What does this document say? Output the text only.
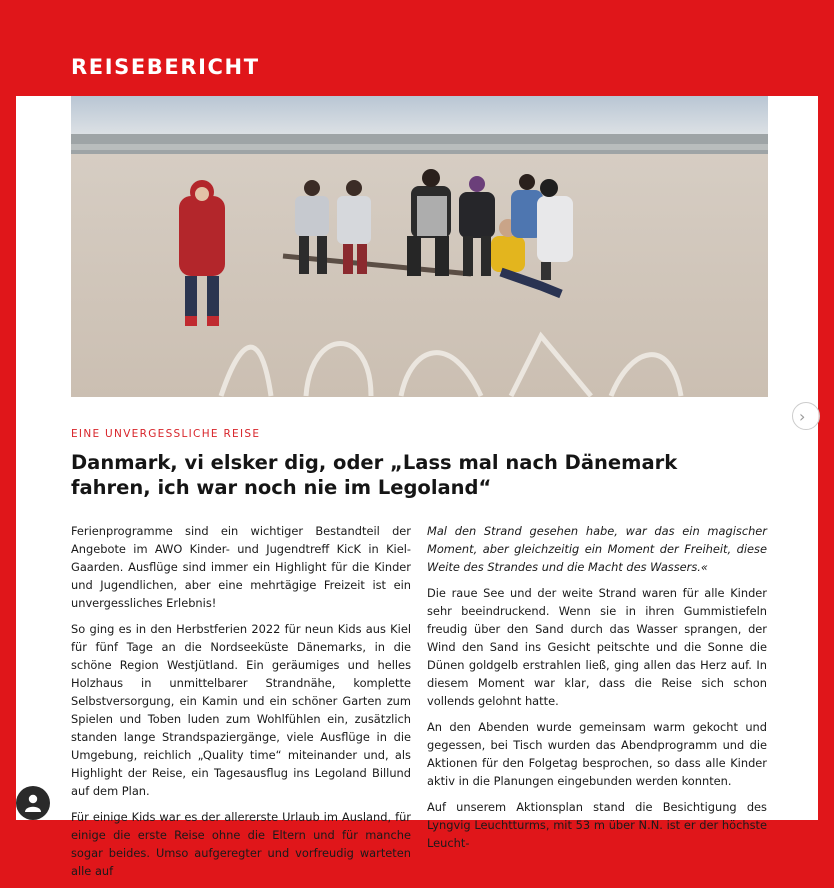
REISEBERICHT

EINE UNVERGESSLICHE REISE

Danmark, vi elsker dig, oder „Lass mal nach Dänemark fahren, ich war noch nie im Legoland“

Ferienprogramme sind ein wichtiger Bestandteil der Angebote im AWO Kinder- und Jugendtreff KicK in Kiel-Gaarden. Ausflüge sind immer ein Highlight für die Kinder und Jugendlichen, aber eine mehrtägige Freizeit ist ein unvergessliches Erlebnis!

So ging es in den Herbstferien 2022 für neun Kids aus Kiel für fünf Tage an die Nordseeküste Dänemarks, in die schöne Region Westjütland. Ein geräumiges und helles Holzhaus in unmittelbarer Strandnähe, komplette Selbstversorgung, ein Kamin und ein schöner Garten zum Spielen und Toben luden zum Wohlfühlen ein, zusätzlich standen lange Strandspaziergänge, viele Ausflüge in die Umgebung, reichlich „Quality time“ miteinander und, als Highlight der Reise, ein Tagesausflug ins Legoland Billund auf dem Plan.

Für einige Kids war es der allererste Urlaub im Ausland, für einige die erste Reise ohne die Eltern und für manche sogar beides. Umso aufgeregter und vorfreudig warteten alle auf

Mal den Strand gesehen habe, war das ein magischer Moment, aber gleichzeitig ein Moment der Freiheit, diese Weite des Strandes und die Macht des Wassers.«

Die raue See und der weite Strand waren für alle Kinder sehr beeindruckend. Wenn sie in ihren Gummistiefeln freudig über den Sand durch das Wasser sprangen, der Wind den Sand ins Gesicht peitschte und die Sonne die Dünen goldgelb erstrahlen ließ, ging allen das Herz auf. In diesem Moment war klar, dass die Reise sich schon vollends gelohnt hatte.

An den Abenden wurde gemeinsam warm gekocht und gegessen, bei Tisch wurden das Abendprogramm und die Aktionen für den Folgetag besprochen, so dass alle Kinder aktiv in die Planungen eingebunden werden konnten.

Auf unserem Aktionsplan stand die Besichtigung des Lyngvig Leuchtturms, mit 53 m über N.N. ist er der höchste Leucht-

›
